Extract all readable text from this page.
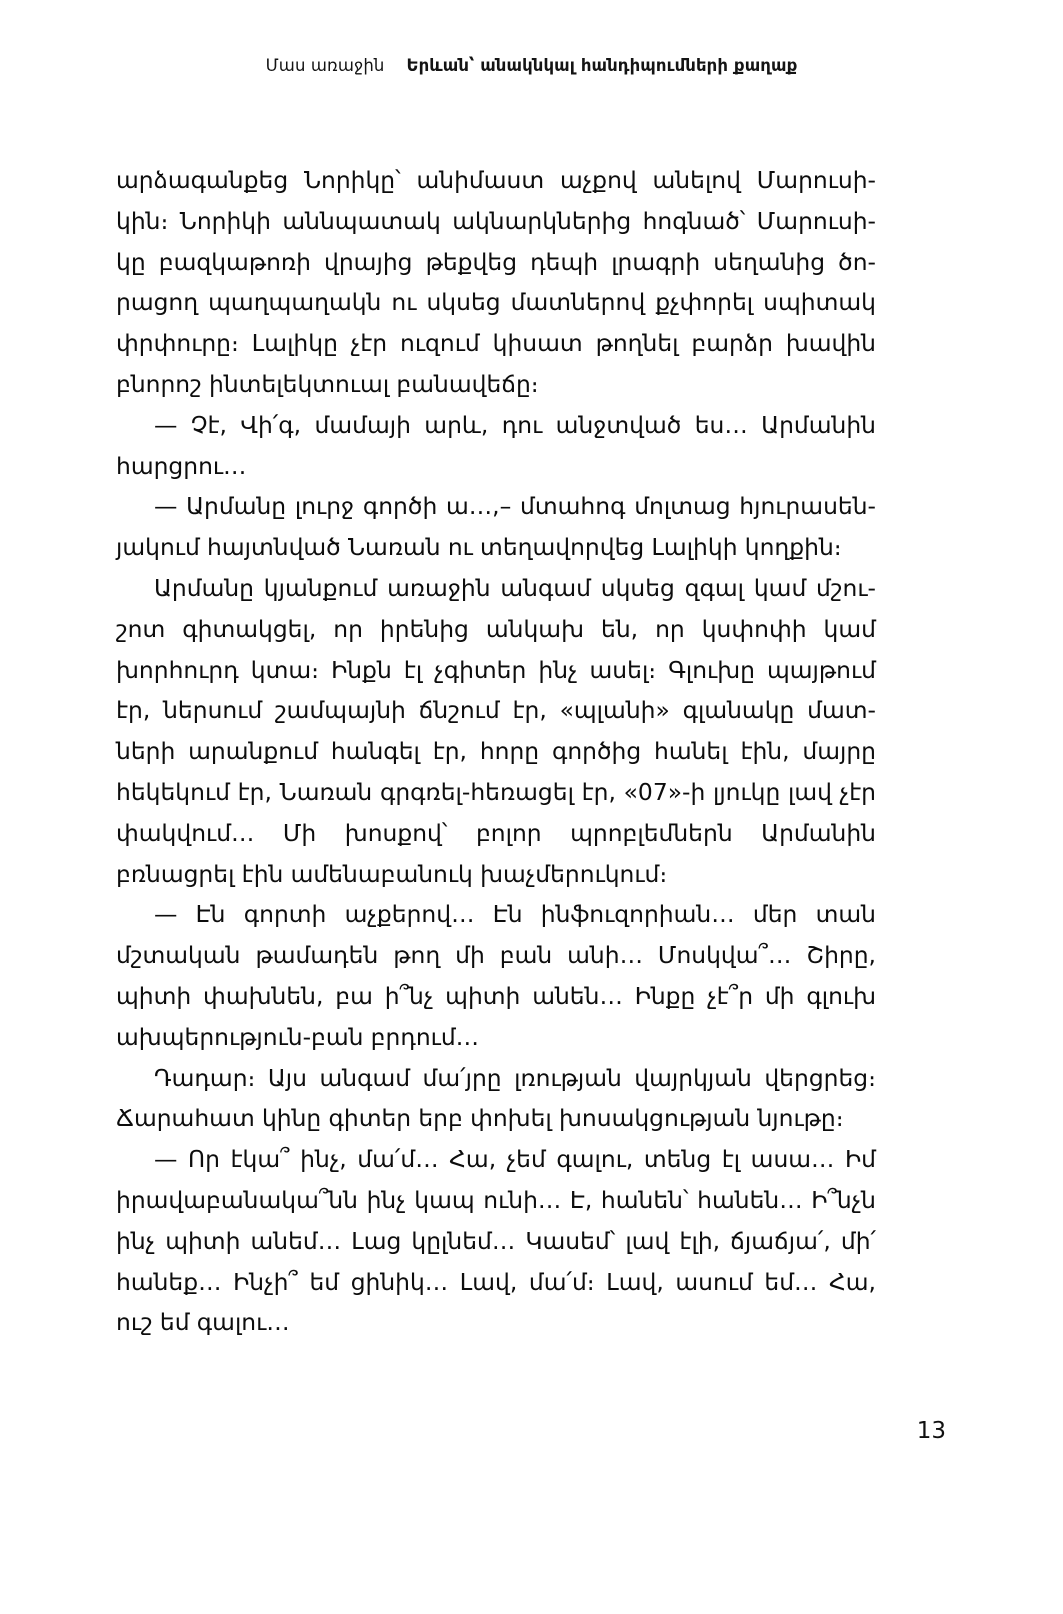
Մաս առաջին Երևան՝ անակնկալ հանդիպումների քաղաք

արձագանքեց Նորիկը՝ անիմաստ աչքով անելով Մարուսիկին։ Նորիկի աննպատակ ակնարկներից հոգնած՝ Մարուսիկը բազկաթոռի վրայից թեքվեց դեպի լրագրի սեղանից ծորացող պաղպաղակն ու սկսեց մատներով քչփորել սպիտակ փրփուրը։ Լալիկը չէր ուզում կիսատ թողնել բարձր խավին բնորոշ ինտելեկտուալ բանավեճը։

— Չէ, Վի՛գ, մամայի արև, դու անջտված ես… Արմանին հարցրու…

— Արմանը լուրջ գործի ա…,– մտահոգ մոլտաց հյուրասենյակում հայտնված Նառան ու տեղավորվեց Լալիկի կողքին։

Արմանը կյանքում առաջին անգամ սկսեց զգալ կամ մշուշոտ գիտակցել, որ իրենից անկախ են, որ կսփոփի կամ խորհուրդ կտա։ Ինքն էլ չգիտեր ինչ ասել։ Գլուխը պայթում էր, ներսում շամպայնի ճնշում էր, «պլանի» գլանակը մատների արանքում հանգել էր, հորը գործից հանել էին, մայրը հեկեկում էր, Նառան գրգռել-հեռացել էր, «07»-ի լյուկը լավ չէր փակվում… Մի խոսքով՝ բոլոր պրոբլեմներն Արմանին բռնացրել էին ամենաբանուկ խաչմերուկում։

— Էն գորտի աչքերով… Էն ինֆուզորիան… մեր տան մշտական թամադեն թող մի բան անի… Մոսկվա՞… Շիրը, պիտի փախնեն, բա ի՞նչ պիտի անեն… Ինքը չէ՞ր մի գլուխ ախպերություն-բան բրդում…

Դադար։ Այս անգամ մա՛յրը լռության վայրկյան վերցրեց։ Ճարահատ կինը գիտեր երբ փոխել խոսակցության նյութը։

— Որ էկա՞ ինչ, մա՛մ… Հա, չեմ գալու, տենց էլ ասա… Իմ իրավաբանակա՞նն ինչ կապ ունի… Է, հանեն՝ հանեն… Ի՞նչն ինչ պիտի անեմ… Լաց կըլնեմ… Կասեմ՝ լավ էլի, ճյաճյա՛, մի՛ հանեք… Ինչի՞ եմ ցինիկ… Լավ, մա՛մ։ Լավ, ասում եմ… Հա, ուշ եմ գալու…

13
